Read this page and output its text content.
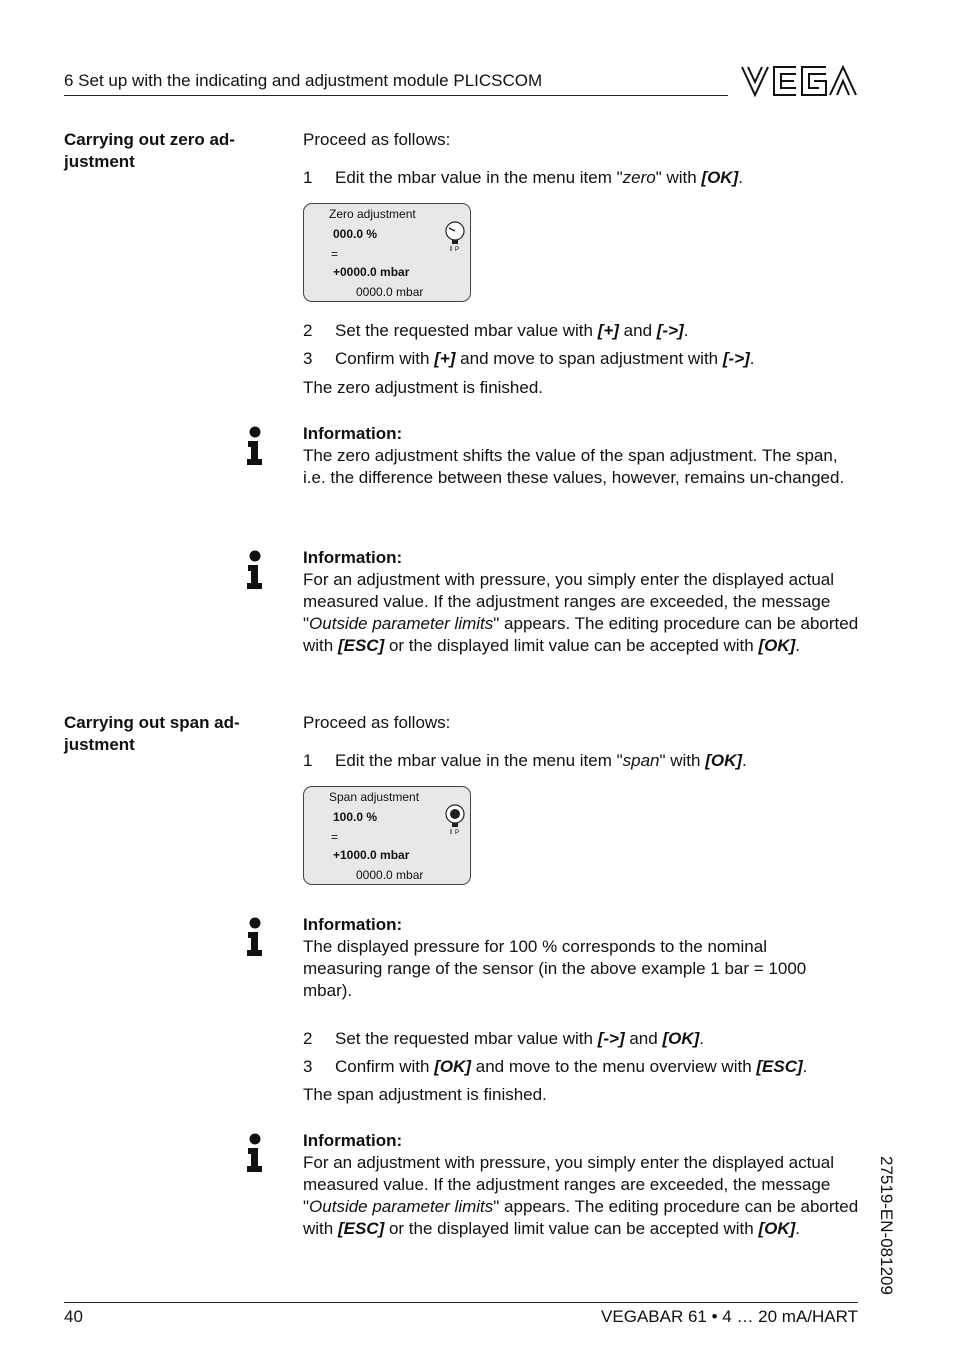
6 Set up with the indicating and adjustment module PLICSCOM
Carrying out zero ad-
justment
Proceed as follows:
1 Edit the mbar value in the menu item "zero" with [OK].
Zero adjustment
000.0 %
=
+0000.0 mbar
0000.0 mbar
P
2 Set the requested mbar value with [+] and [->].
3 Confirm with [+] and move to span adjustment with [->].
The zero adjustment is finished.
Information:
The zero adjustment shifts the value of the span adjustment. The span, i.e. the difference between these values, however, remains un-changed.
Information:
For an adjustment with pressure, you simply enter the displayed actual measured value. If the adjustment ranges are exceeded, the message "Outside parameter limits" appears. The editing procedure can be aborted with [ESC] or the displayed limit value can be accepted with [OK].
Carrying out span ad-
justment
Proceed as follows:
1 Edit the mbar value in the menu item "span" with [OK].
Span adjustment
100.0 %
=
+1000.0 mbar
0000.0 mbar
P
Information:
The displayed pressure for 100 % corresponds to the nominal measuring range of the sensor (in the above example 1 bar = 1000 mbar).
2 Set the requested mbar value with [->] and [OK].
3 Confirm with [OK] and move to the menu overview with [ESC].
The span adjustment is finished.
Information:
For an adjustment with pressure, you simply enter the displayed actual measured value. If the adjustment ranges are exceeded, the message "Outside parameter limits" appears. The editing procedure can be aborted with [ESC] or the displayed limit value can be accepted with [OK].	27519-EN-081209
40	VEGABAR 61 • 4 … 20 mA/HART
